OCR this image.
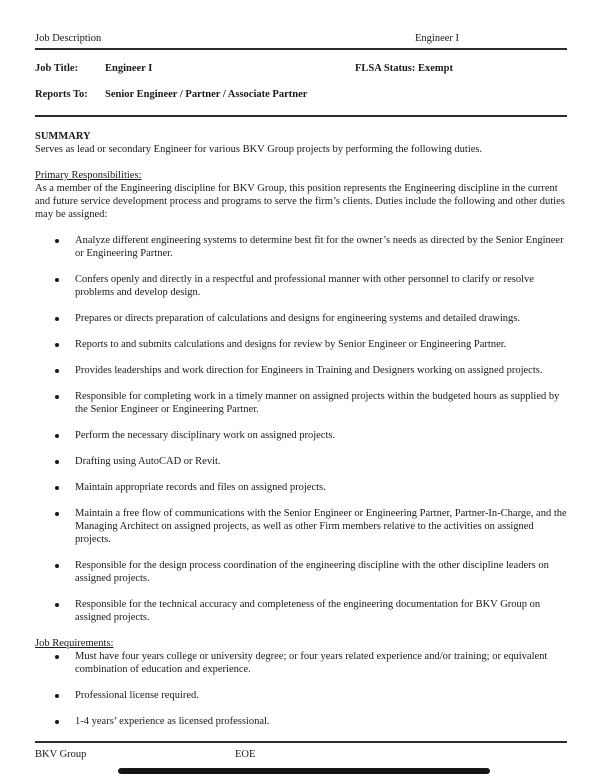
Job Description	Engineer I
Job Title:	Engineer I	FLSA Status: Exempt
Reports To: Senior Engineer / Partner / Associate Partner
SUMMARY

Serves as lead or secondary Engineer for various BKV Group projects by performing the following duties.

Primary Responsibilities:

As a member of the Engineering discipline for BKV Group, this position represents the Engineering discipline in the current and future service development process and programs to serve the firm’s clients. Duties include the following and other duties may be assigned:

Analyze different engineering systems to determine best fit for the owner’s needs as directed by the Senior Engineer or Engineering Partner.
Confers openly and directly in a respectful and professional manner with other personnel to clarify or resolve problems and develop design.
Prepares or directs preparation of calculations and designs for engineering systems and detailed drawings.
Reports to and submits calculations and designs for review by Senior Engineer or Engineering Partner.
Provides leaderships and work direction for Engineers in Training and Designers working on assigned projects.
Responsible for completing work in a timely manner on assigned projects within the budgeted hours as supplied by the Senior Engineer or Engineering Partner.
Perform the necessary disciplinary work on assigned projects.
Drafting using AutoCAD or Revit.
Maintain appropriate records and files on assigned projects.
Maintain a free flow of communications with the Senior Engineer or Engineering Partner, Partner-In-Charge, and the Managing Architect on assigned projects, as well as other Firm members relative to the activities on assigned projects.
Responsible for the design process coordination of the engineering discipline with the other discipline leaders on assigned projects.
Responsible for the technical accuracy and completeness of the engineering documentation for BKV Group on assigned projects.
Job Requirements:
Must have four years college or university degree; or four years related experience and/or training; or equivalent combination of education and experience.
Professional license required.
1-4 years’ experience as licensed professional.
BKV Group	EOE
